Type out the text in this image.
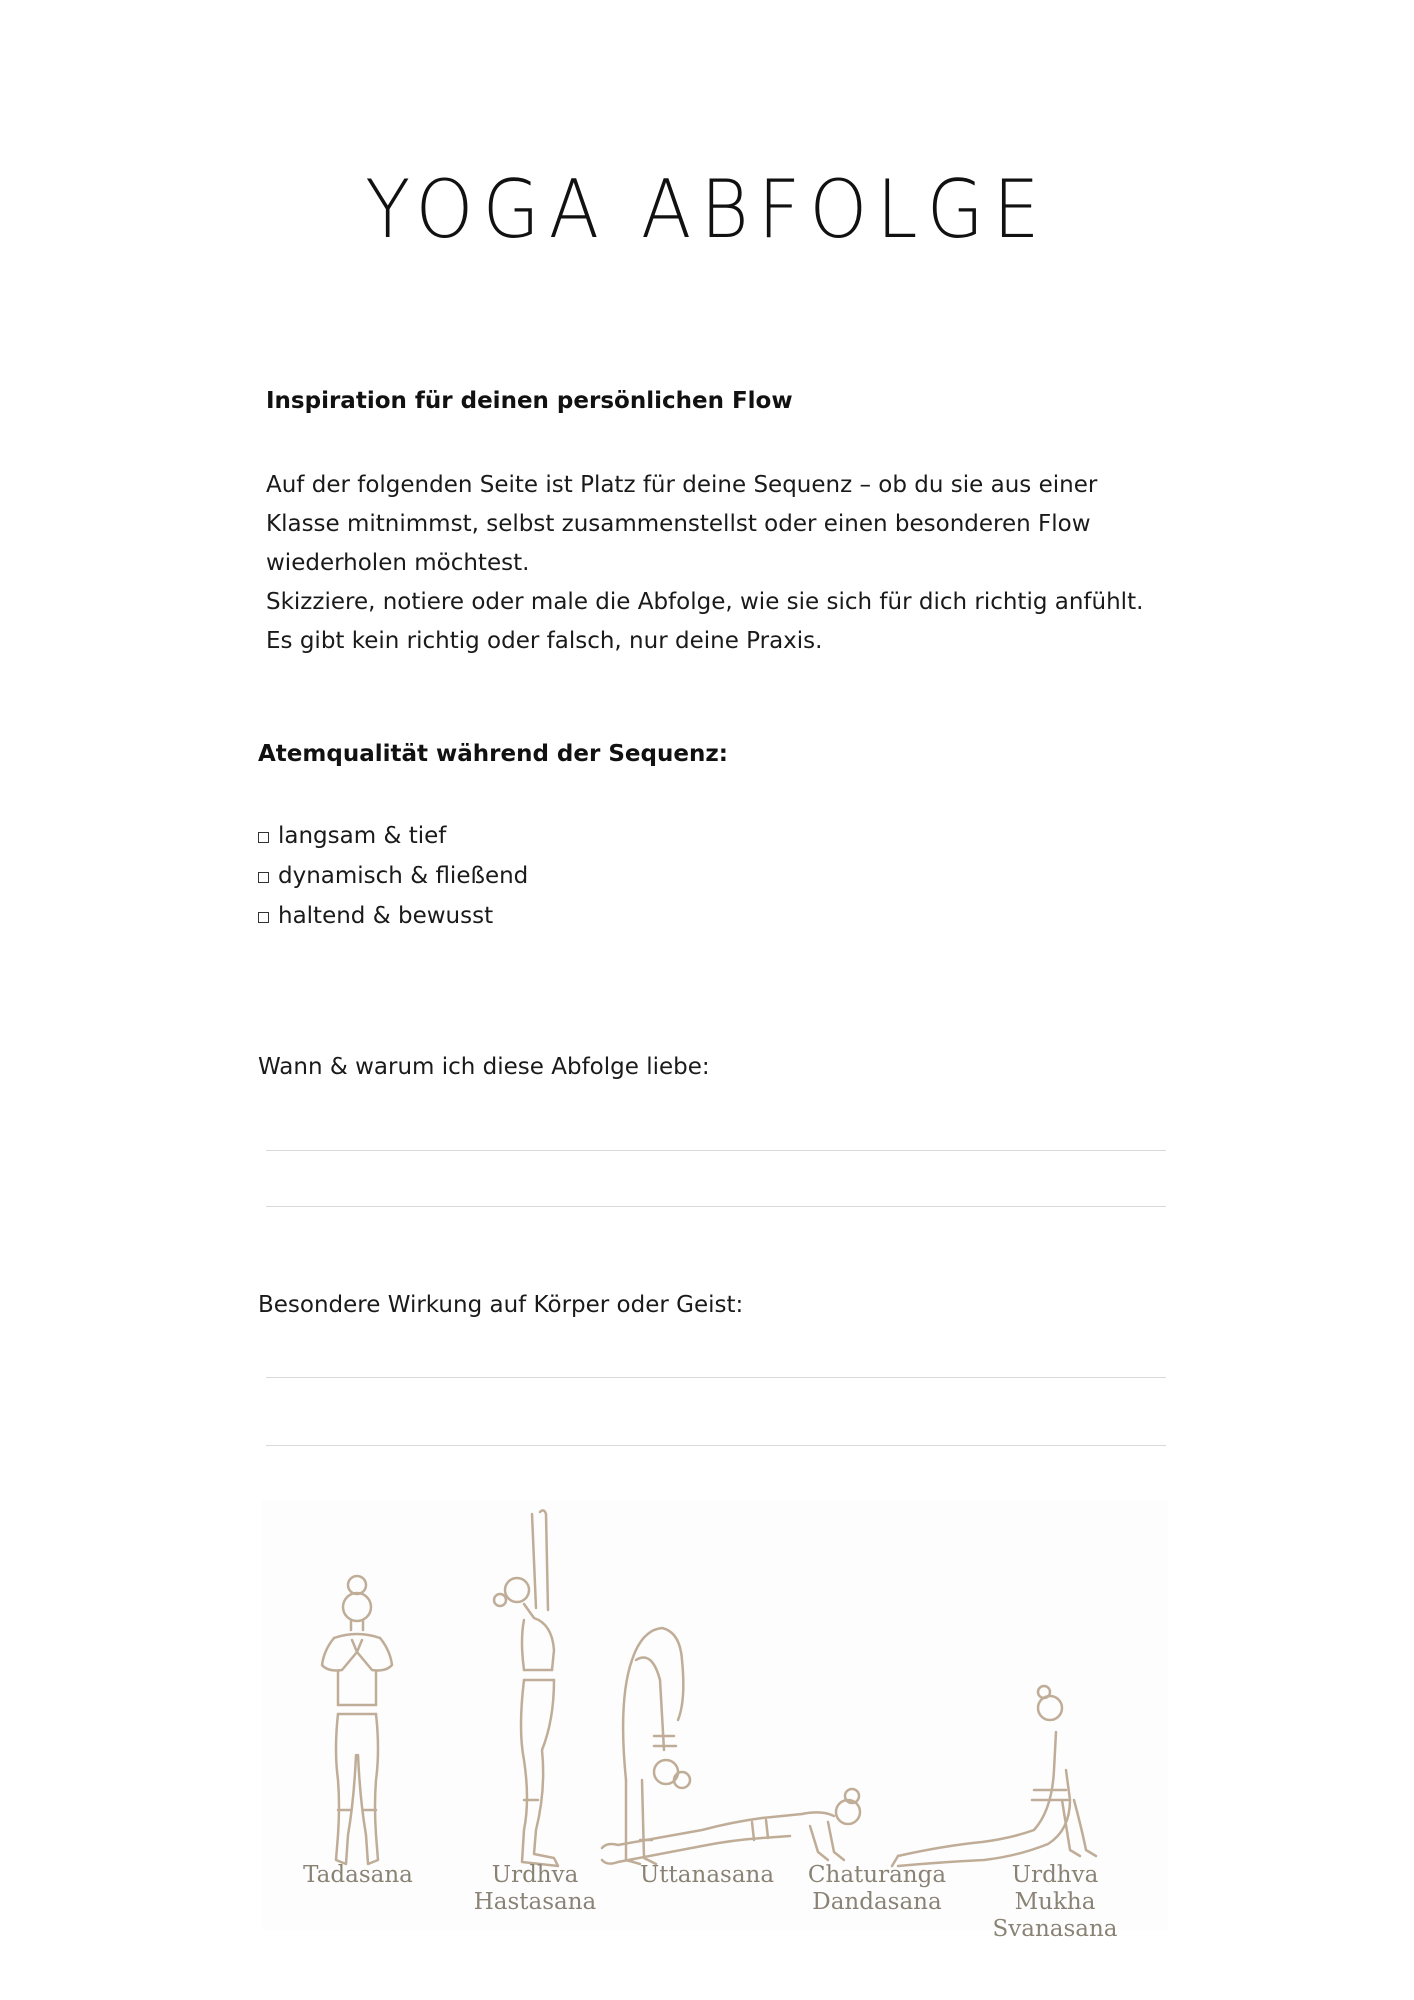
YOGA ABFOLGE
Inspiration für deinen persönlichen Flow
Auf der folgenden Seite ist Platz für deine Sequenz – ob du sie aus einer
Klasse mitnimmst, selbst zusammenstellst oder einen besonderen Flow
wiederholen möchtest.
Skizziere, notiere oder male die Abfolge, wie sie sich für dich richtig anfühlt.
Es gibt kein richtig oder falsch, nur deine Praxis.
Atemqualität während der Sequenz:
langsam & tief
dynamisch & fließend
haltend & bewusst
Wann & warum ich diese Abfolge liebe:
Besondere Wirkung auf Körper oder Geist:
Tadasana	Urdhva
Hastasana
Uttanasana	Chaturanga
Dandasana
Urdhva Mukha
Svanasana
